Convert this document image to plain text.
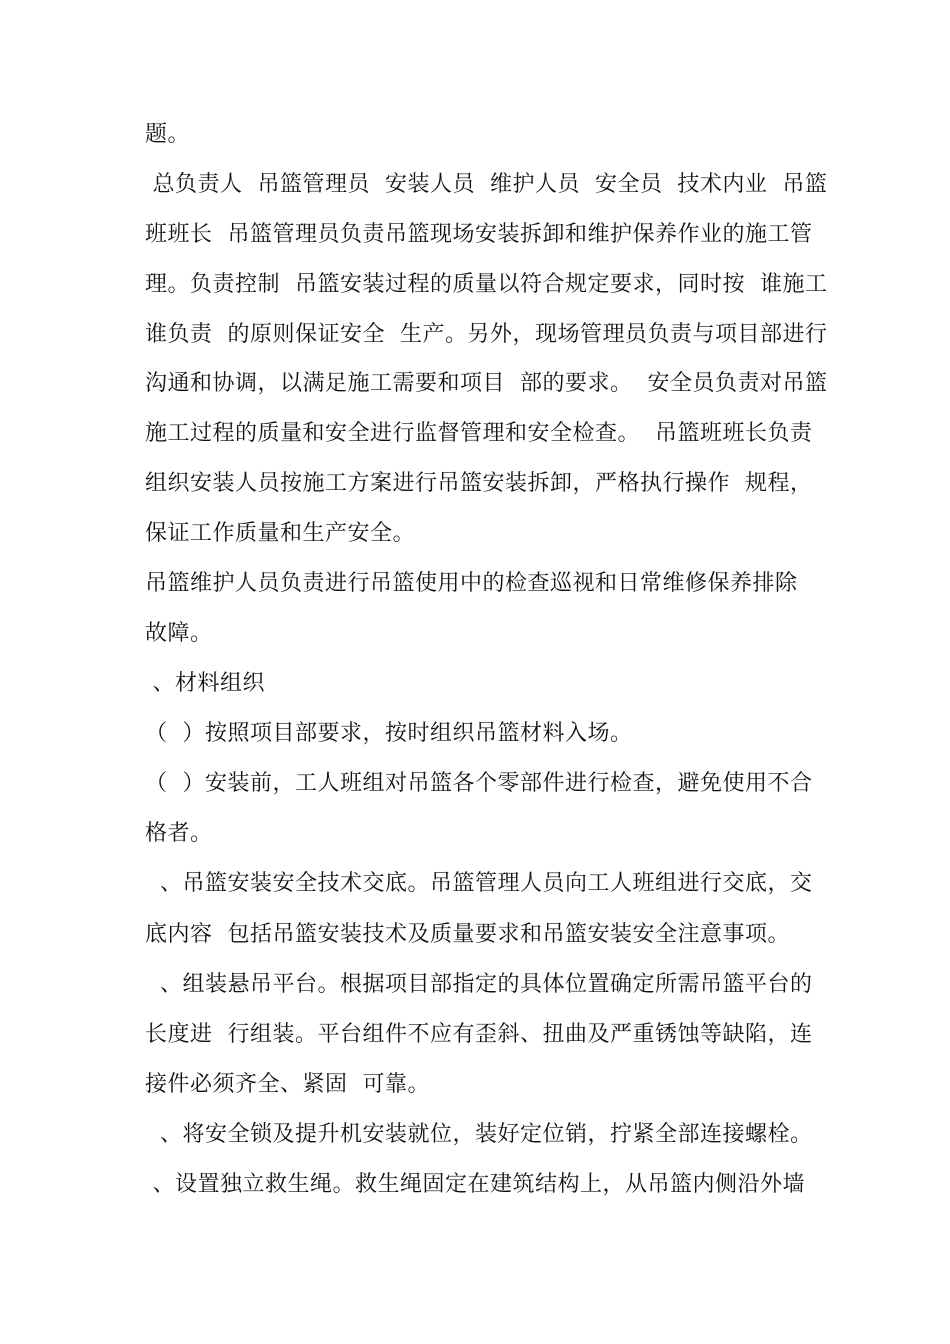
题。
总负责人  吊篮管理员  安装人员  维护人员  安全员  技术内业  吊篮
班班长  吊篮管理员负责吊篮现场安装拆卸和维护保养作业的施工管
理。负责控制  吊篮安装过程的质量以符合规定要求，同时按  谁施工
谁负责  的原则保证安全  生产。另外，现场管理员负责与项目部进行
沟通和协调，以满足施工需要和项目  部的要求。  安全员负责对吊篮
施工过程的质量和安全进行监督管理和安全检查。  吊篮班班长负责
组织安装人员按施工方案进行吊篮安装拆卸，严格执行操作  规程，
保证工作质量和生产安全。
吊篮维护人员负责进行吊篮使用中的检查巡视和日常维修保养排除
故障。
、材料组织
（  ）按照项目部要求，按时组织吊篮材料入场。
（  ）安装前，工人班组对吊篮各个零部件进行检查，避免使用不合
格者。
、吊篮安装安全技术交底。吊篮管理人员向工人班组进行交底，交
底内容  包括吊篮安装技术及质量要求和吊篮安装安全注意事项。
、组装悬吊平台。根据项目部指定的具体位置确定所需吊篮平台的
长度进  行组装。平台组件不应有歪斜、扭曲及严重锈蚀等缺陷，连
接件必须齐全、紧固  可靠。
、将安全锁及提升机安装就位，装好定位销，拧紧全部连接螺栓。
、设置独立救生绳。救生绳固定在建筑结构上，从吊篮内侧沿外墙
